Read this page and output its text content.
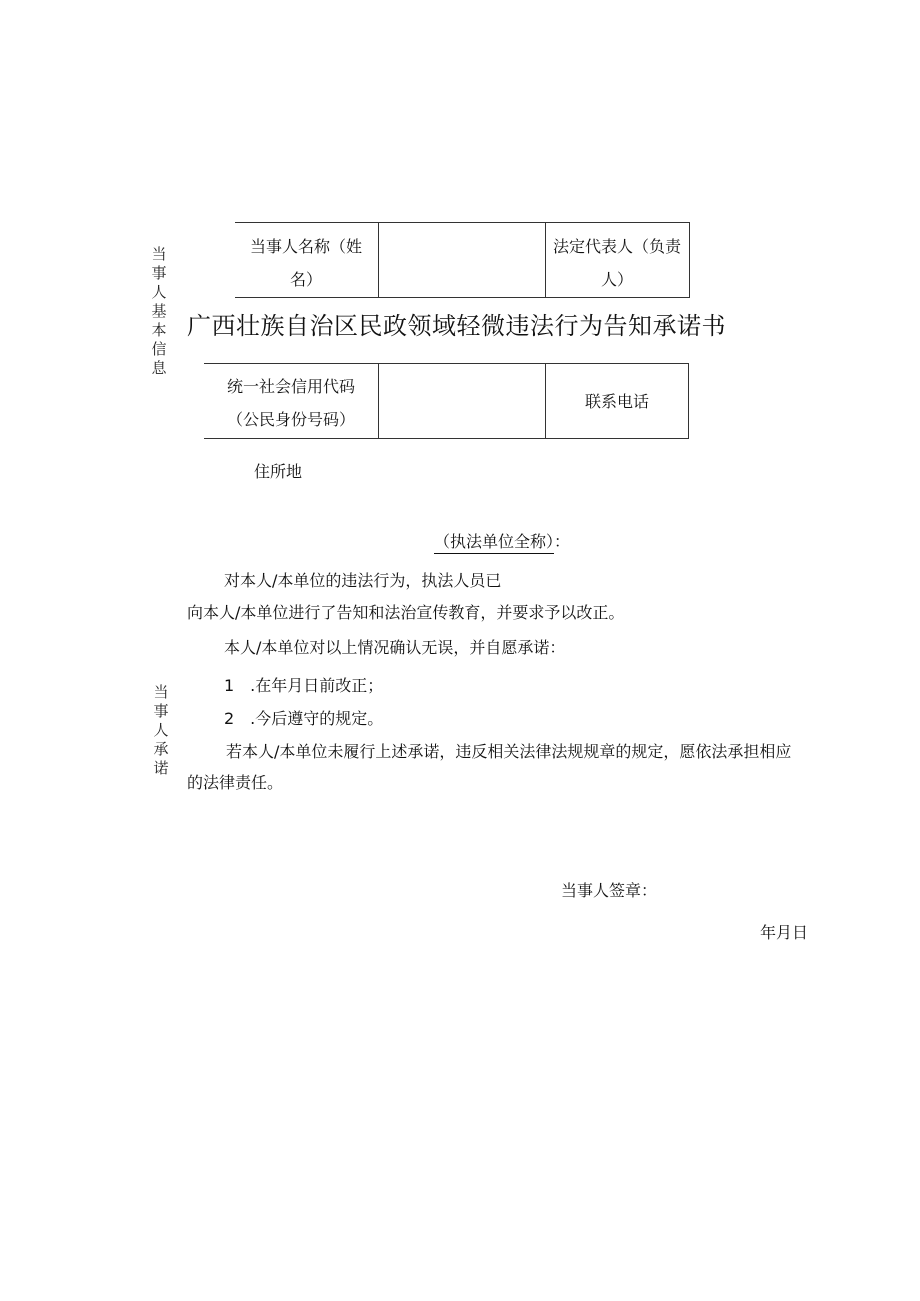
当事人基本信息
当事人承诺
当事人名称（姓名）
法定代表人（负责人）
广西壮族自治区民政领域轻微违法行为告知承诺书
统一社会信用代码（公民身份号码）
联系电话
住所地
（执法单位全称）：
对本人/本单位的违法行为，执法人员已
向本人/本单位进行了告知和法治宣传教育，并要求予以改正。
本人/本单位对以上情况确认无误，并自愿承诺：
1　.在年月日前改正；
2　.今后遵守的规定。
若本人/本单位未履行上述承诺，违反相关法律法规规章的规定，愿依法承担相应
的法律责任。
当事人签章：
年月日
